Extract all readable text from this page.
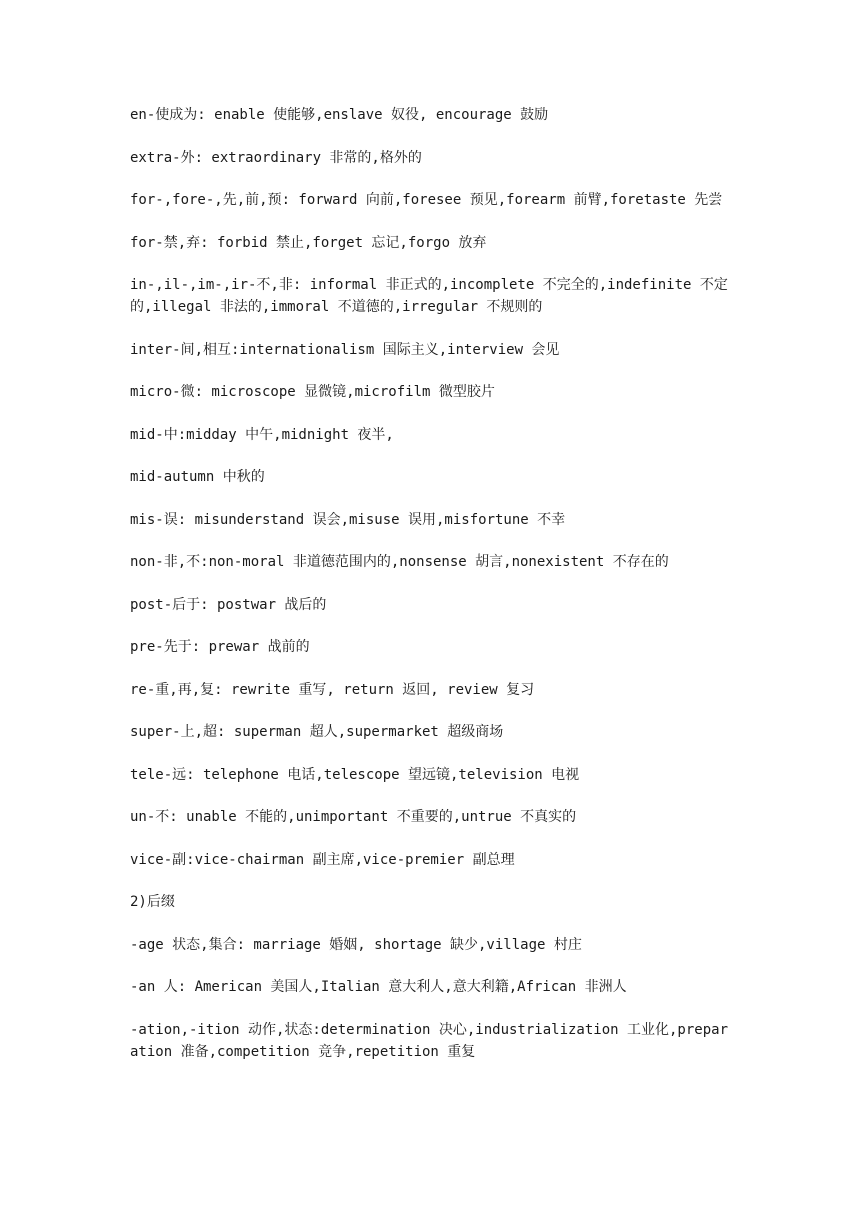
en-使成为: enable 使能够,enslave 奴役, encourage 鼓励

extra-外: extraordinary 非常的,格外的

for-,fore-,先,前,预: forward 向前,foresee 预见,forearm 前臂,foretaste 先尝

for-禁,弃: forbid 禁止,forget 忘记,forgo 放弃

in-,il-,im-,ir-不,非: informal 非正式的,incomplete 不完全的,indefinite 不定的,illegal 非法的,immoral 不道德的,irregular 不规则的

inter-间,相互:internationalism 国际主义,interview 会见

micro-微: microscope 显微镜,microfilm 微型胶片

mid-中:midday 中午,midnight 夜半,

mid-autumn 中秋的

mis-误: misunderstand 误会,misuse 误用,misfortune 不幸

non-非,不:non-moral 非道德范围内的,nonsense 胡言,nonexistent 不存在的

post-后于: postwar 战后的

pre-先于: prewar 战前的

re-重,再,复: rewrite 重写, return 返回, review 复习

super-上,超: superman 超人,supermarket 超级商场

tele-远: telephone 电话,telescope 望远镜,television 电视

un-不: unable 不能的,unimportant 不重要的,untrue 不真实的

vice-副:vice-chairman 副主席,vice-premier 副总理

2)后缀

-age 状态,集合: marriage 婚姻, shortage 缺少,village 村庄

-an 人: American 美国人,Italian 意大利人,意大利籍,African 非洲人

-ation,-ition 动作,状态:determination 决心,industrialization 工业化,preparation 准备,competition 竞争,repetition 重复
